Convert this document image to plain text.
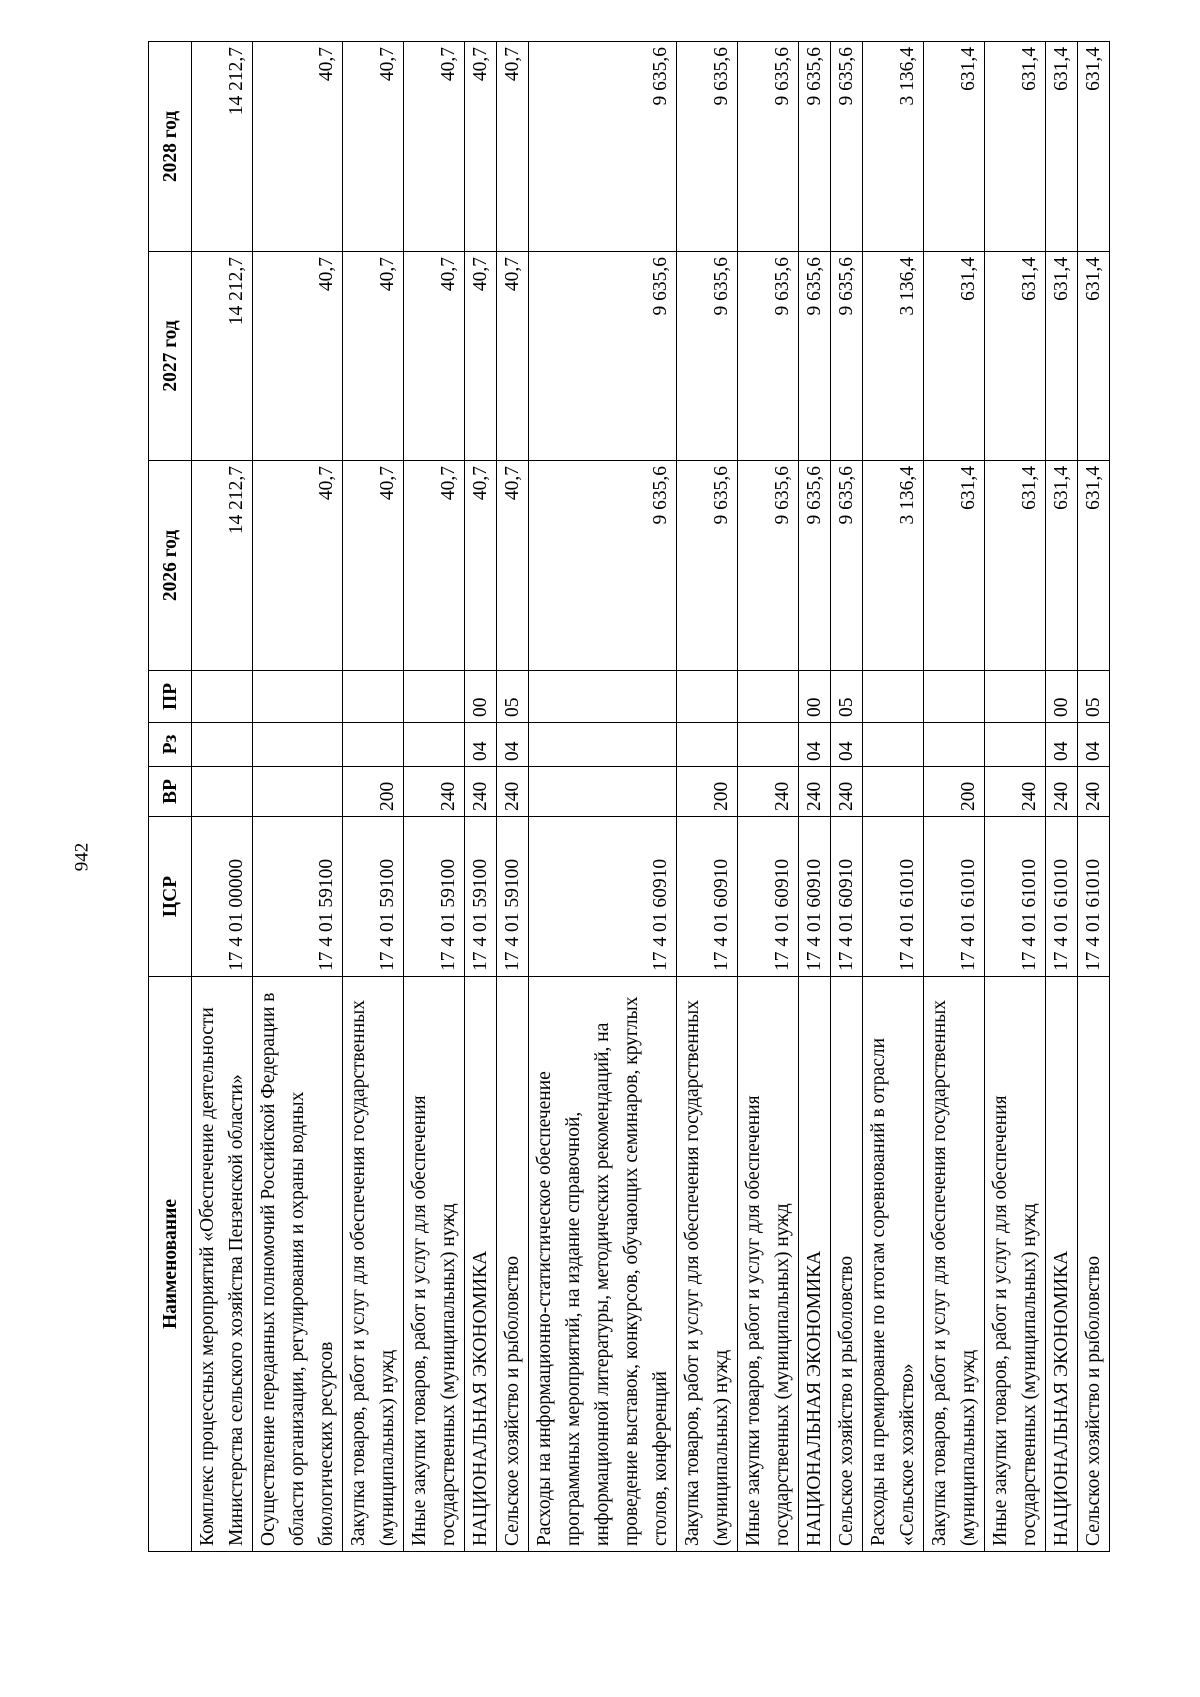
942
Наименование	ЦСР	ВР	Рз	ПР	2026 год	2027 год	2028 год
Комплекс процессных мероприятий «Обеспечение деятельности Министерства сельского хозяйства Пензенской области»	17 4 01 00000				14 212,7	14 212,7	14 212,7
Осуществление переданных полномочий Российской Федерации в области организации, регулирования и охраны водных биологических ресурсов	17 4 01 59100				40,7	40,7	40,7
Закупка товаров, работ и услуг для обеспечения государственных (муниципальных) нужд	17 4 01 59100	200			40,7	40,7	40,7
Иные закупки товаров, работ и услуг для обеспечения государственных (муниципальных) нужд	17 4 01 59100	240			40,7	40,7	40,7
НАЦИОНАЛЬНАЯ ЭКОНОМИКА	17 4 01 59100	240	04	00	40,7	40,7	40,7
Сельское хозяйство и рыболовство	17 4 01 59100	240	04	05	40,7	40,7	40,7
Расходы на информационно-статистическое обеспечение программных мероприятий, на издание справочной, информационной литературы, методических рекомендаций, на проведение выставок, конкурсов, обучающих семинаров, круглых столов, конференций	17 4 01 60910				9 635,6	9 635,6	9 635,6
Закупка товаров, работ и услуг для обеспечения государственных (муниципальных) нужд	17 4 01 60910	200			9 635,6	9 635,6	9 635,6
Иные закупки товаров, работ и услуг для обеспечения государственных (муниципальных) нужд	17 4 01 60910	240			9 635,6	9 635,6	9 635,6
НАЦИОНАЛЬНАЯ ЭКОНОМИКА	17 4 01 60910	240	04	00	9 635,6	9 635,6	9 635,6
Сельское хозяйство и рыболовство	17 4 01 60910	240	04	05	9 635,6	9 635,6	9 635,6
Расходы на премирование по итогам соревнований в отрасли «Сельское хозяйство»	17 4 01 61010				3 136,4	3 136,4	3 136,4
Закупка товаров, работ и услуг для обеспечения государственных (муниципальных) нужд	17 4 01 61010	200			631,4	631,4	631,4
Иные закупки товаров, работ и услуг для обеспечения государственных (муниципальных) нужд	17 4 01 61010	240			631,4	631,4	631,4
НАЦИОНАЛЬНАЯ ЭКОНОМИКА	17 4 01 61010	240	04	00	631,4	631,4	631,4
Сельское хозяйство и рыболовство	17 4 01 61010	240	04	05	631,4	631,4	631,4
